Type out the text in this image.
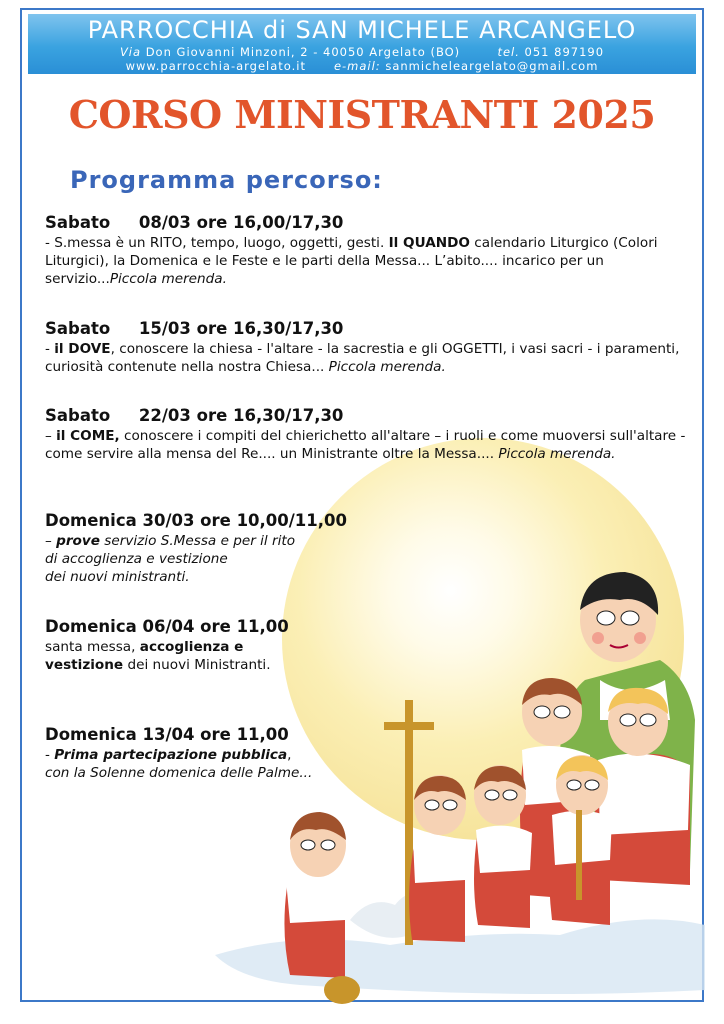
PARROCCHIA di SAN MICHELE ARCANGELO
Via Don Giovanni Minzoni, 2 - 40050 Argelato (BO)	tel. 051 897190
www.parrocchia-argelato.it e-mail: sanmicheleargelato@gmail.com
CORSO MINISTRANTI 2025
Programma percorso:
Sabato     08/03 ore 16,00/17,30
- S.messa è un RITO, tempo, luogo, oggetti, gesti. Il QUANDO calendario Liturgico (Colori Liturgici), la Domenica e le Feste e le parti della Messa... L’abito.... incarico per un servizio...Piccola merenda.
Sabato     15/03 ore 16,30/17,30
- il DOVE, conoscere la chiesa - l'altare - la sacrestia e gli OGGETTI, i vasi sacri - i paramenti, curiosità contenute nella nostra Chiesa... Piccola merenda.
Sabato     22/03 ore 16,30/17,30
– il COME, conoscere i compiti del chierichetto all'altare – i ruoli e come muoversi sull'altare - come servire alla mensa del Re.... un Ministrante oltre la Messa.... Piccola merenda.
Domenica 30/03 ore 10,00/11,00
– prove servizio S.Messa e per il rito
di accoglienza e vestizione
dei nuovi ministranti.
Domenica 06/04 ore 11,00
santa messa, accoglienza e
vestizione dei nuovi Ministranti.
Domenica 13/04 ore 11,00
- Prima partecipazione pubblica,
con la Solenne domenica delle Palme...
